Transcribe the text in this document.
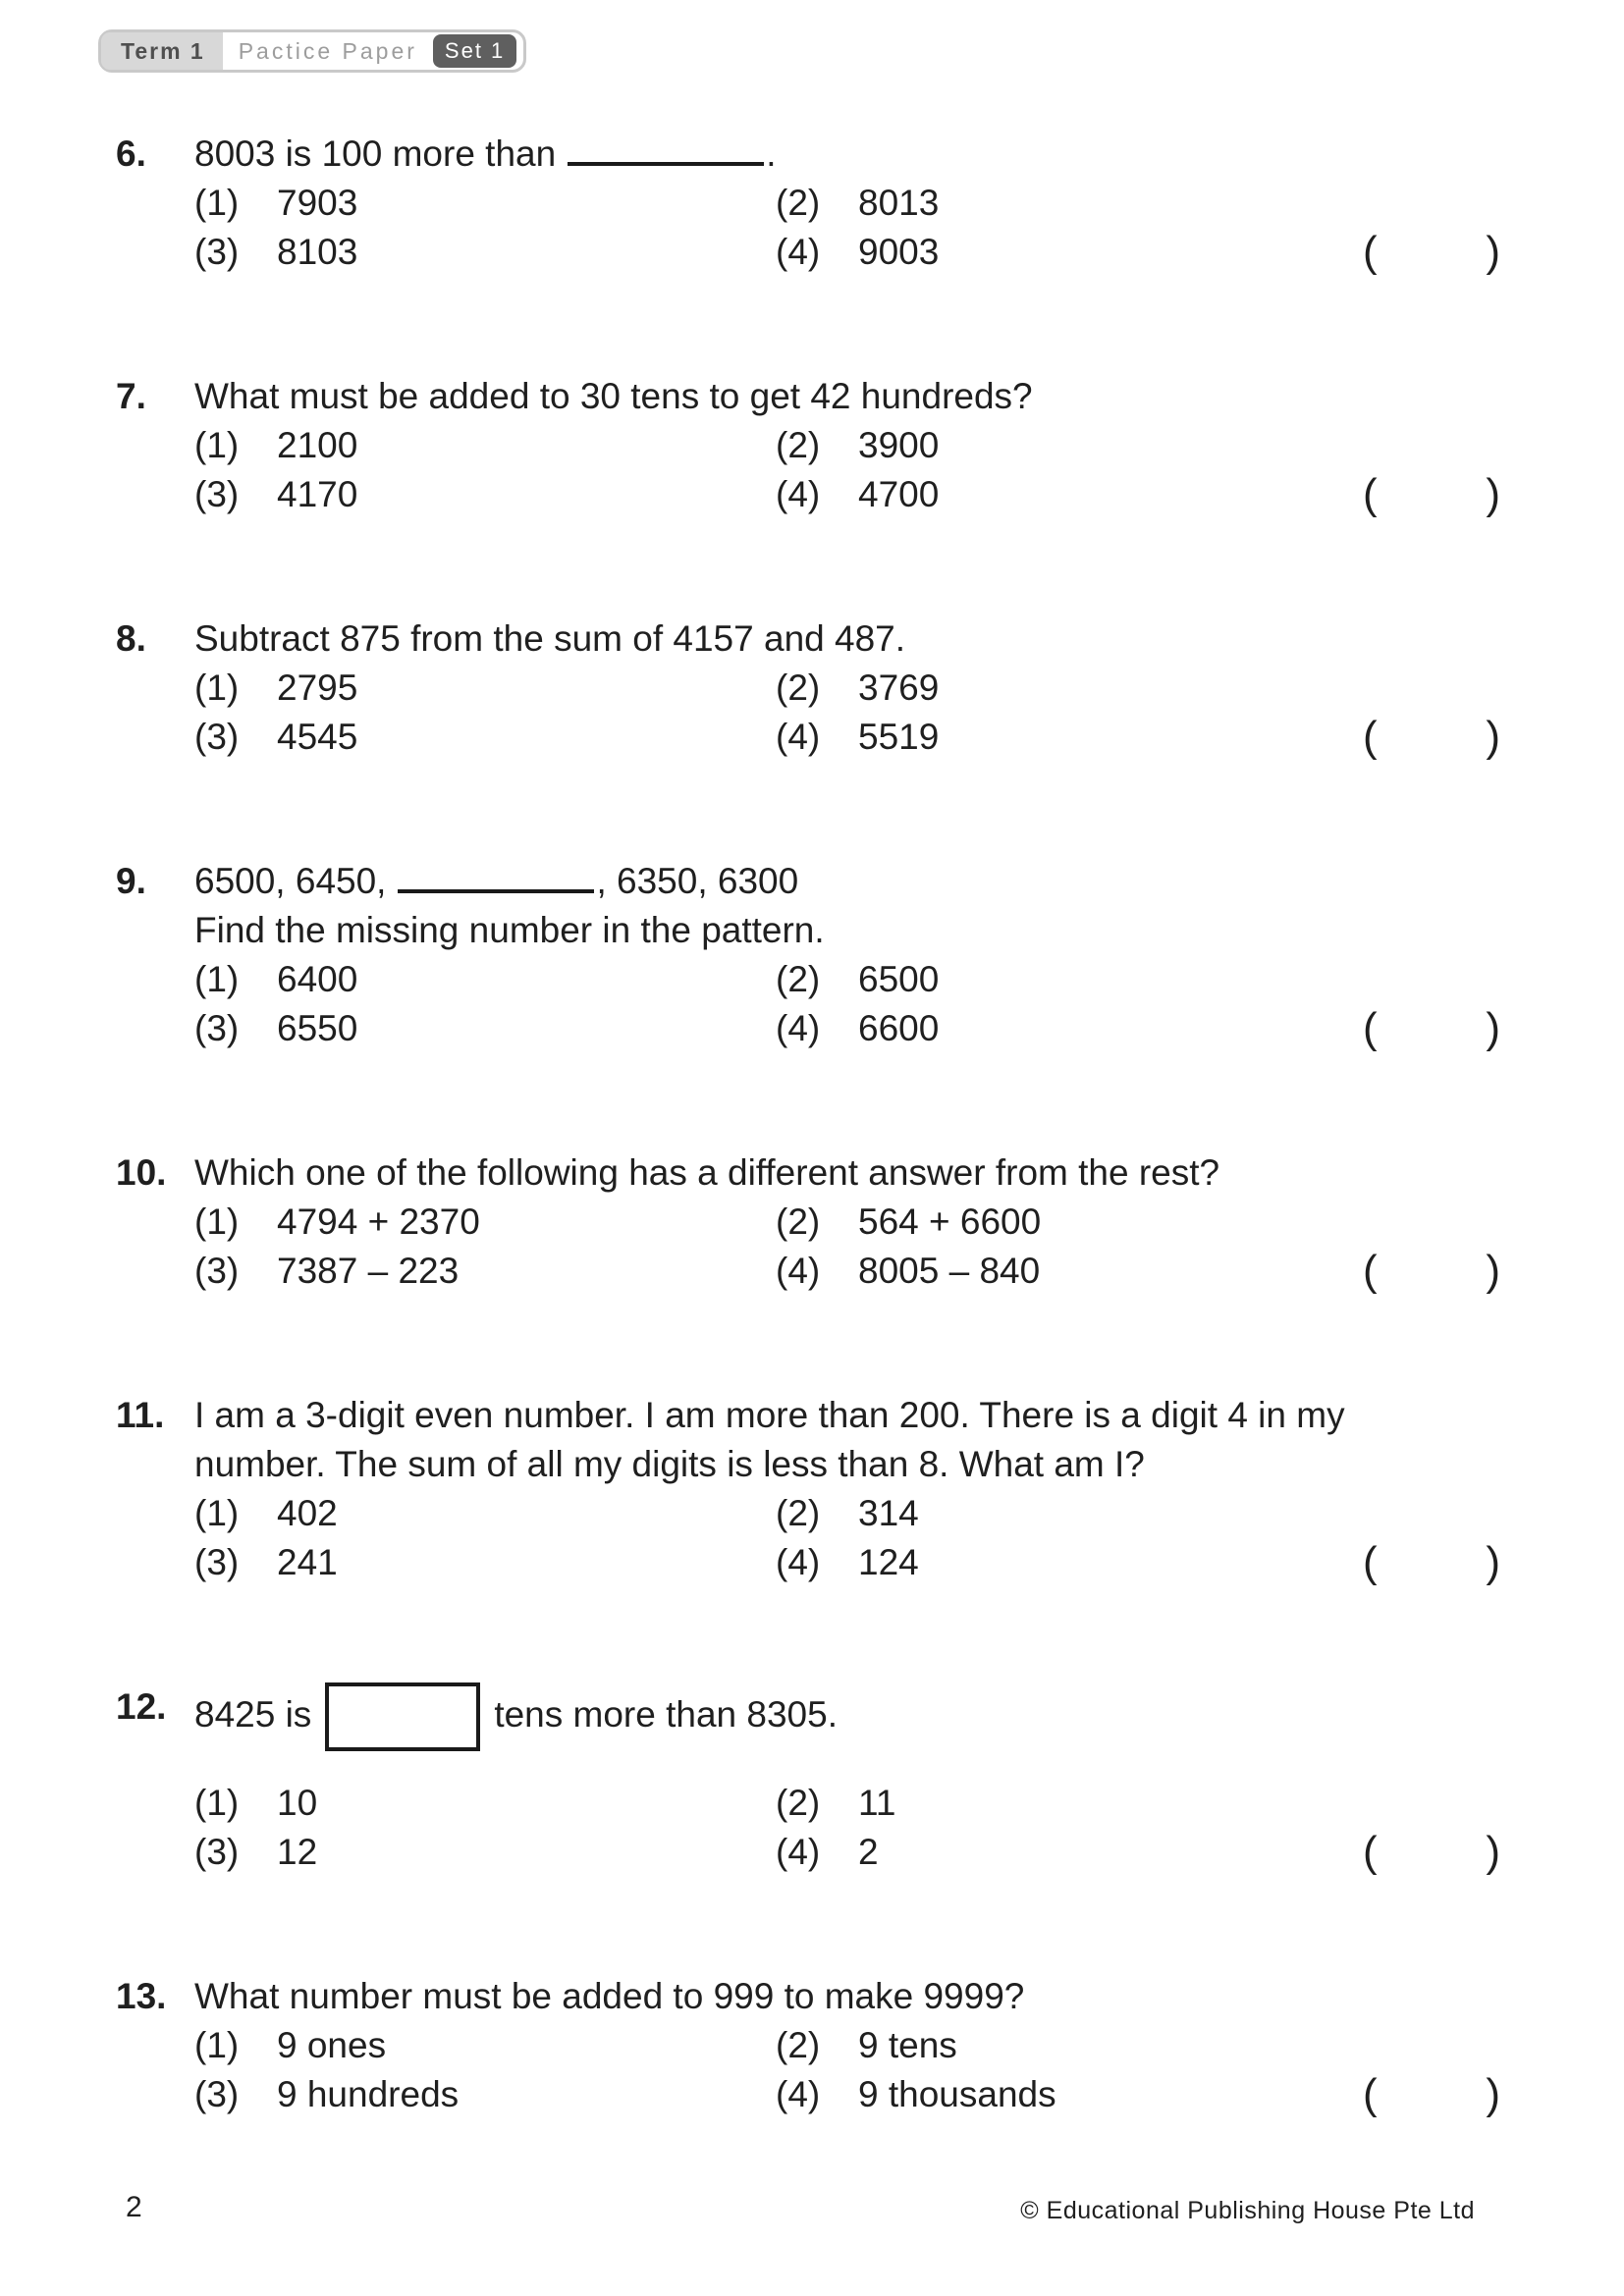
Term 1	Pactice Paper	Set 1
6.	8003 is 100 more than	.
(1)	7903	(2)	8013
(3)	8103	(4)	9003	(	)
7.	What must be added to 30 tens to get 42 hundreds?
(1)	2100	(2)	3900
(3)	4170	(4)	4700	(	)
8.	Subtract 875 from the sum of 4157 and 487.
(1)	2795	(2)	3769
(3)	4545	(4)	5519	(	)
9.	6500, 6450,	, 6350, 6300
Find the missing number in the pattern.
(1)	6400	(2)	6500
(3)	6550	(4)	6600	(	)
10. Which one of the following has a different answer from the rest?
(1)	4794 + 2370	(2)	564 + 6600
(3)	7387 – 223	(4)	8005 – 840	(	)
11. I am a 3-digit even number. I am more than 200. There is a digit 4 in my
number. The sum of all my digits is less than 8. What am I?
(1)	402	(2)	314
(3)	241	(4)	124	(	)
12. 8425 is	tens more than 8305.
(1)	10	(2)	11
(3)	12	(4)	2	(	)
13. What number must be added to 999 to make 9999?
(1)	9 ones	(2)	9 tens
(3)	9 hundreds	(4)	9 thousands	(	)
2	© Educational Publishing House Pte Ltd
